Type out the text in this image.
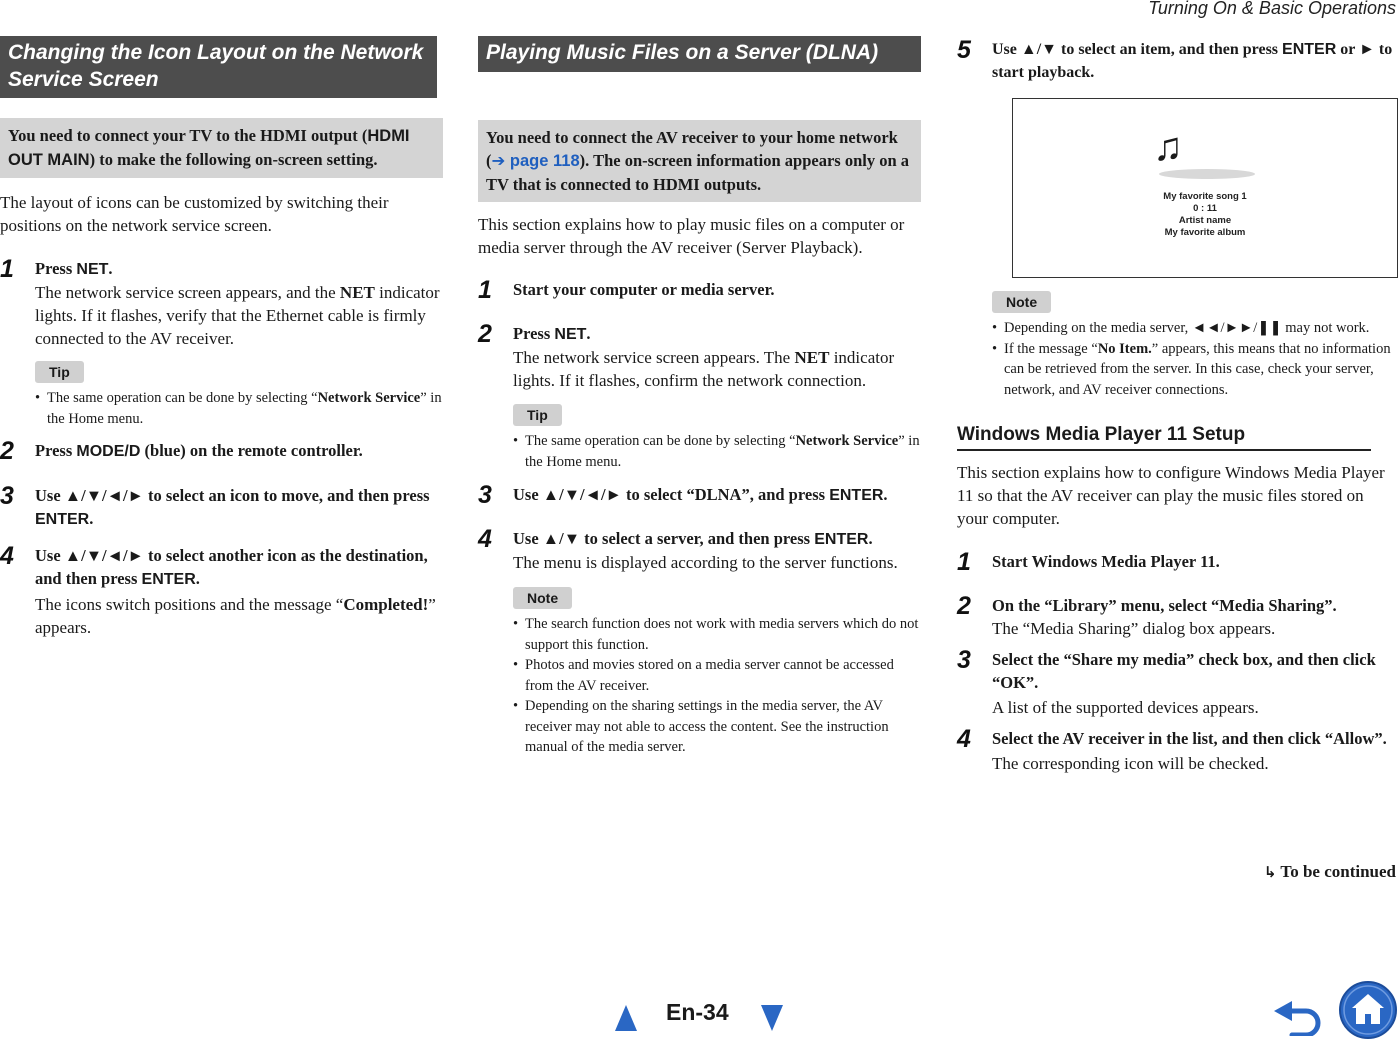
Turning On & Basic Operations
Changing the Icon Layout on the Network Service Screen
You need to connect your TV to the HDMI output (HDMI OUT MAIN) to make the following on-screen setting.

The layout of icons can be customized by switching their positions on the network service screen.

1 Press NET.
The network service screen appears, and the NET indicator lights. If it flashes, verify that the Ethernet cable is firmly connected to the AV receiver.
Tip
• The same operation can be done by selecting “Network Service” in the Home menu.
2 Press MODE/D (blue) on the remote controller.
3 Use ▲/▼/◄/► to select an icon to move, and then press ENTER.
4 Use ▲/▼/◄/► to select another icon as the destination, and then press ENTER.
The icons switch positions and the message “Completed!” appears.
Playing Music Files on a Server (DLNA)
You need to connect the AV receiver to your home network (➔ page 118). The on-screen information appears only on a TV that is connected to HDMI outputs.

This section explains how to play music files on a computer or media server through the AV receiver (Server Playback).

1 Start your computer or media server.
2 Press NET.
The network service screen appears. The NET indicator lights. If it flashes, confirm the network connection.
Tip
• The same operation can be done by selecting “Network Service” in the Home menu.
3 Use ▲/▼/◄/► to select “DLNA”, and press ENTER.
4 Use ▲/▼ to select a server, and then press ENTER.
The menu is displayed according to the server functions.
Note
• The search function does not work with media servers which do not support this function.
• Photos and movies stored on a media server cannot be accessed from the AV receiver.
• Depending on the sharing settings in the media server, the AV receiver may not able to access the content. See the instruction manual of the media server.
5 Use ▲/▼ to select an item, and then press ENTER or ► to start playback.
♫
My favorite song 1
0 : 11
Artist name
My favorite album
Note
• Depending on the media server, ◄◄/►►/❚❚ may not work.
• If the message “No Item.” appears, this means that no information can be retrieved from the server. In this case, check your server, network, and AV receiver connections.
Windows Media Player 11 Setup

This section explains how to configure Windows Media Player 11 so that the AV receiver can play the music files stored on your computer.

1 Start Windows Media Player 11.
2 On the “Library” menu, select “Media Sharing”.
The “Media Sharing” dialog box appears.
3 Select the “Share my media” check box, and then click “OK”.
A list of the supported devices appears.
4 Select the AV receiver in the list, and then click “Allow”.
The corresponding icon will be checked.
↳ To be continued
En-34
